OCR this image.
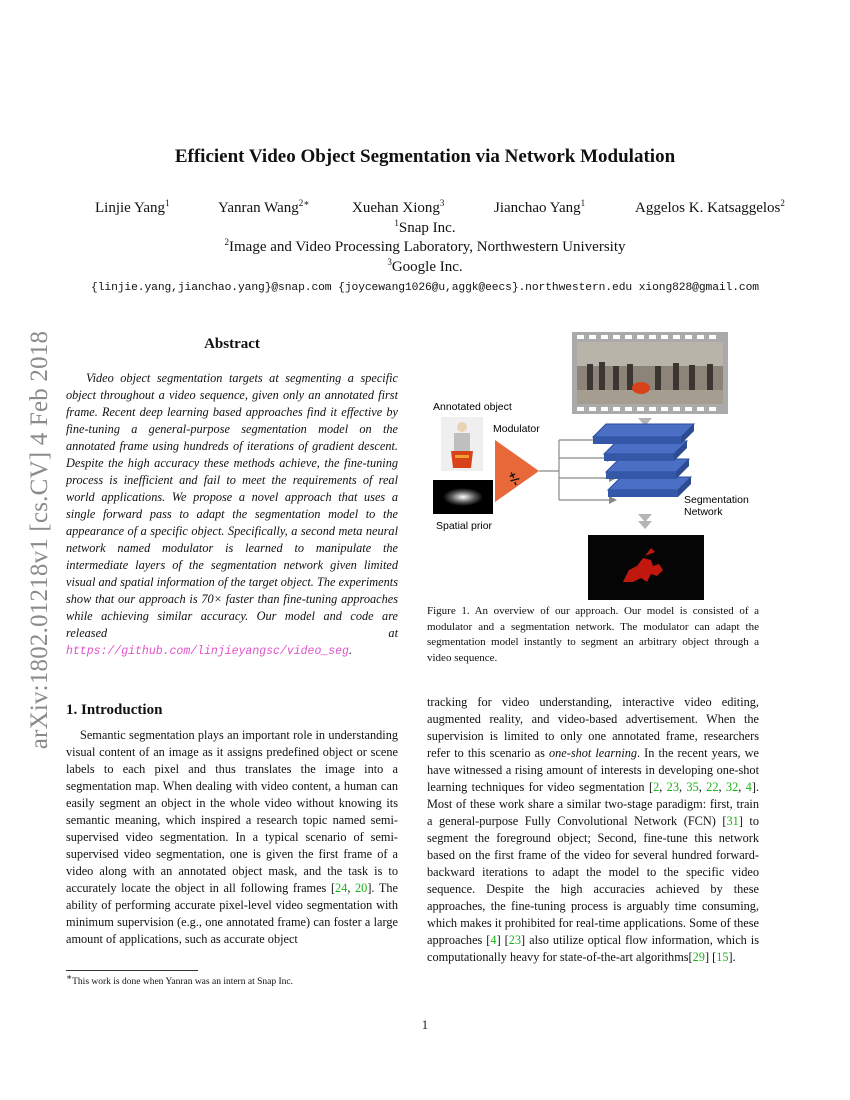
arXiv:1802.01218v1 [cs.CV] 4 Feb 2018
Efficient Video Object Segmentation via Network Modulation
Linjie Yang$^1$	Yanran Wang$^{2∗}$	Xuehan Xiong$^3$	Jianchao Yang$^1$	Aggelos K. Katsaggelos$^2$
$^1$Snap Inc.
$^2$Image and Video Processing Laboratory, Northwestern University
$^3$Google Inc.
{linjie.yang,jianchao.yang}@snap.com {joycewang1026@u,aggk@eecs}.northwestern.edu xiong828@gmail.com
Abstract

Video object segmentation targets at segmenting a specific object throughout a video sequence, given only an annotated first frame. Recent deep learning based approaches find it effective by fine-tuning a general-purpose segmentation model on the annotated frame using hundreds of iterations of gradient descent. Despite the high accuracy these methods achieve, the fine-tuning process is inefficient and fail to meet the requirements of real world applications. We propose a novel approach that uses a single forward pass to adapt the segmentation model to the appearance of a specific object. Specifically, a second meta neural network named modulator is learned to manipulate the intermediate layers of the segmentation network given limited visual and spatial information of the target object. The experiments show that our approach is 70× faster than fine-tuning approaches while achieving similar accuracy. Our model and code are released at https://github.com/linjieyangsc/video_seg.

+/-
Annotated object
Modulator
Spatial prior
Segmentation
Network
Figure 1. An overview of our approach. Our model is consisted of a modulator and a segmentation network. The modulator can adapt the segmentation model instantly to segment an arbitrary object through a video sequence.
1. Introduction

Semantic segmentation plays an important role in understanding visual content of an image as it assigns predefined object or scene labels to each pixel and thus translates the image into a segmentation map. When dealing with video content, a human can easily segment an object in the whole video without knowing its semantic meaning, which inspired a research topic named semi-supervised video segmentation. In a typical scenario of semi-supervised video segmentation, one is given the first frame of a video along with an annotated object mask, and the task is to accurately locate the object in all following frames [24, 20]. The ability of performing accurate pixel-level video segmentation with minimum supervision (e.g., one annotated frame) can foster a large amount of applications, such as accurate object

tracking for video understanding, interactive video editing, augmented reality, and video-based advertisement. When the supervision is limited to only one annotated frame, researchers refer to this scenario as one-shot learning. In the recent years, we have witnessed a rising amount of interests in developing one-shot learning techniques for video segmentation [2, 23, 35, 22, 32, 4]. Most of these work share a similar two-stage paradigm: first, train a general-purpose Fully Convolutional Network (FCN) [31] to segment the foreground object; Second, fine-tune this network based on the first frame of the video for several hundred forward-backward iterations to adapt the model to the specific video sequence. Despite the high accuracies achieved by these approaches, the fine-tuning process is arguably time consuming, which makes it prohibited for real-time applications. Some of these approaches [4] [23] also utilize optical flow information, which is computationally heavy for state-of-the-art algorithms[29] [15].

∗This work is done when Yanran was an intern at Snap Inc.
1
